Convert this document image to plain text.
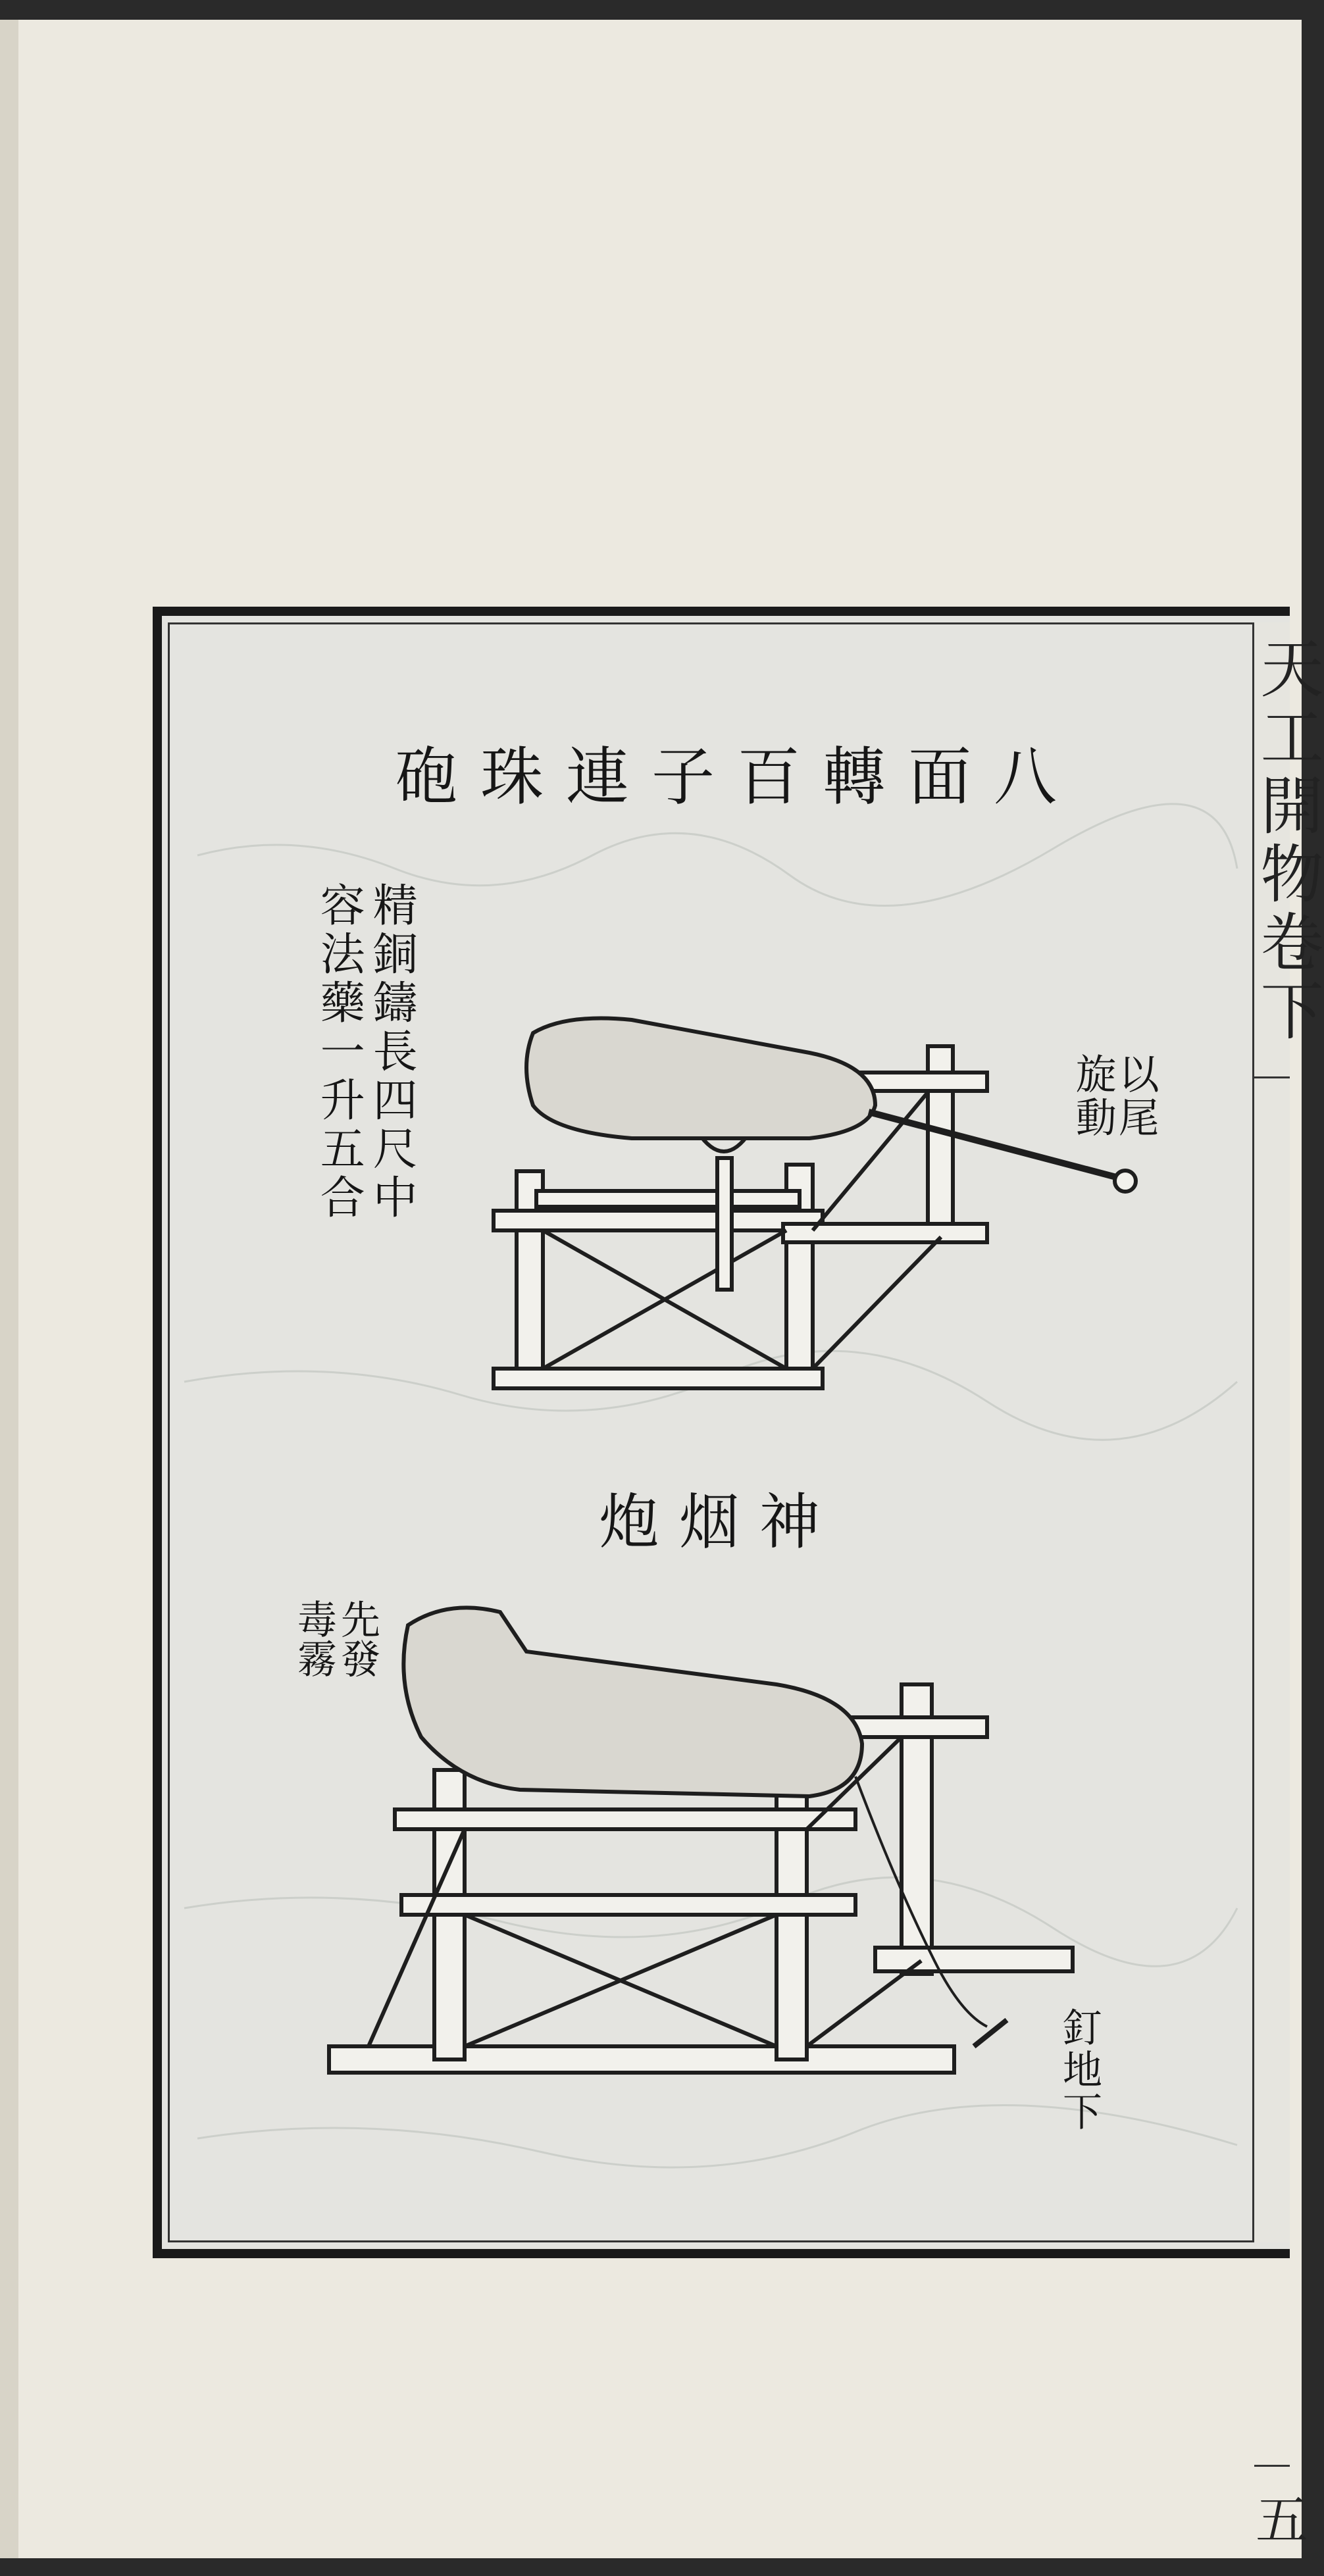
天工開物卷下
五
八面轉百子連珠砲
精銅鑄長四尺中
容法藥一升五合	以尾
旋動
神烟炮
先發
毒霧
釘地下
